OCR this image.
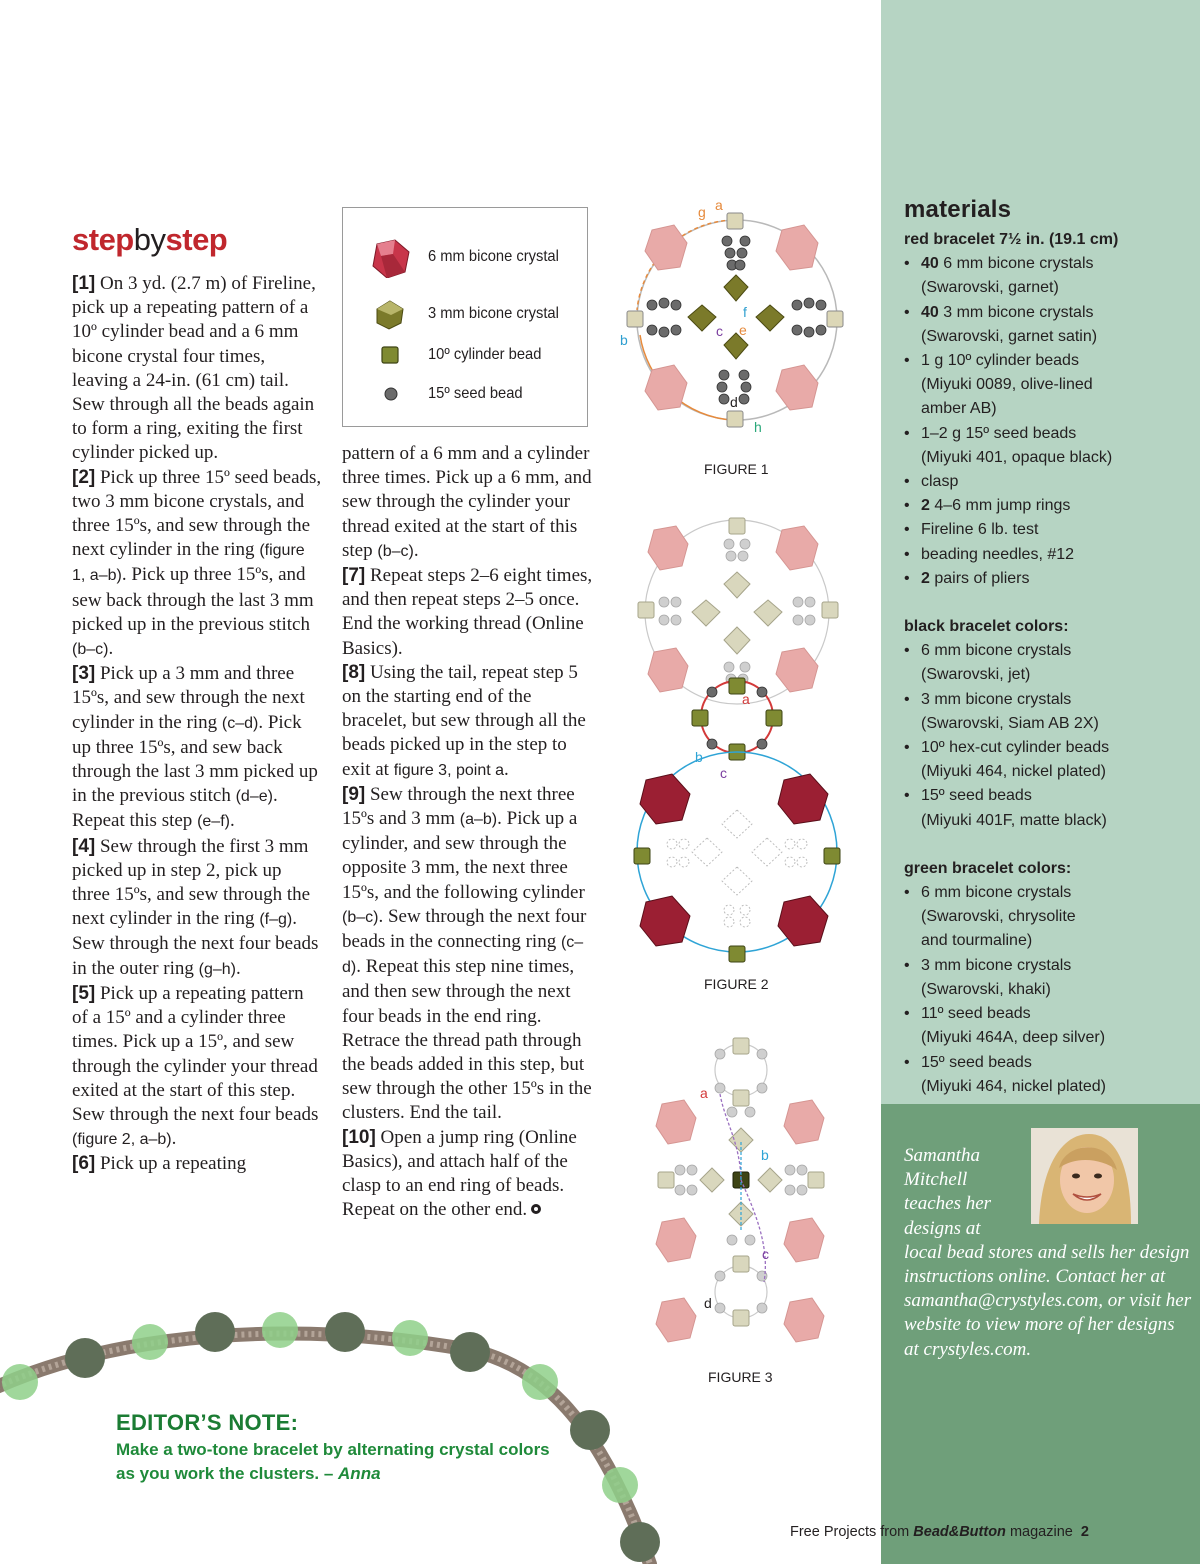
stepbystep

[1] On 3 yd. (2.7 m) of Fireline, pick up a repeating pattern of a 10º cylinder bead and a 6 mm bicone crystal four times, leaving a 24-in. (61 cm) tail. Sew through all the beads again to form a ring, exiting the first cylinder picked up.

[2] Pick up three 15º seed beads, two 3 mm bicone crystals, and three 15ºs, and sew through the next cylinder in the ring (figure 1, a–b). Pick up three 15ºs, and sew back through the last 3 mm picked up in the previous stitch (b–c).

[3] Pick up a 3 mm and three 15ºs, and sew through the next cylinder in the ring (c–d). Pick up three 15ºs, and sew back through the last 3 mm picked up in the previous stitch (d–e). Repeat this step (e–f).

[4] Sew through the first 3 mm picked up in step 2, pick up three 15ºs, and sew through the next cylinder in the ring (f–g). Sew through the next four beads in the outer ring (g–h).

[5] Pick up a repeating pattern of a 15º and a cylinder three times. Pick up a 15º, and sew through the cylinder your thread exited at the start of this step. Sew through the next four beads (figure 2, a–b).

[6] Pick up a repeating

6 mm bicone crystal
3 mm bicone crystal
10º cylinder bead
15º seed bead

pattern of a 6 mm and a cylinder three times. Pick up a 6 mm, and sew through the cylinder your thread exited at the start of this step (b–c).

[7] Repeat steps 2–6 eight times, and then repeat steps 2–5 once. End the working thread (Online Basics).

[8] Using the tail, repeat step 5 on the starting end of the bracelet, but sew through all the beads picked up in the step to exit at figure 3, point a.

[9] Sew through the next three 15ºs and 3 mm (a–b). Pick up a cylinder, and sew through the opposite 3 mm, the next three 15ºs, and the following cylinder (b–c). Sew through the next four beads in the connecting ring (c–d). Repeat this step nine times, and then sew through the next four beads in the end ring. Retrace the thread path through the beads added in this step, but sew through the other 15ºs in the clusters. End the tail.

[10] Open a jump ring (Online Basics), and attach half of the clasp to an end ring of beads. Repeat on the other end.

a
g
b
c
d
e
f
h
FIGURE 1
a
b
c
FIGURE 2
a
b
c
d
FIGURE 3
materials
red bracelet 7½ in. (19.1 cm)
• 40 6 mm bicone crystals
(Swarovski, garnet)
• 40 3 mm bicone crystals
(Swarovski, garnet satin)
• 1 g 10º cylinder beads
(Miyuki 0089, olive-lined
amber AB)
• 1–2 g 15º seed beads
(Miyuki 401, opaque black)
• clasp
• 2 4–6 mm jump rings
• Fireline 6 lb. test
• beading needles, #12
• 2 pairs of pliers
black bracelet colors:
• 6 mm bicone crystals
(Swarovski, jet)
• 3 mm bicone crystals
(Swarovski, Siam AB 2X)
• 10º hex-cut cylinder beads
(Miyuki 464, nickel plated)
• 15º seed beads
(Miyuki 401F, matte black)
green bracelet colors:
• 6 mm bicone crystals
(Swarovski, chrysolite
and tourmaline)
• 3 mm bicone crystals
(Swarovski, khaki)
• 11º seed beads
(Miyuki 464A, deep silver)
• 15º seed beads
(Miyuki 464, nickel plated)
Samantha
Mitchell
teaches her
designs at
local bead stores and sells her design instructions online. Contact her at samantha@crystyles.com, or visit her website to view more of her designs at crystyles.com.
EDITOR’S NOTE:
Make a two-tone bracelet by alternating crystal colors as you work the clusters. – Anna
Free Projects from Bead&Button magazine 2
